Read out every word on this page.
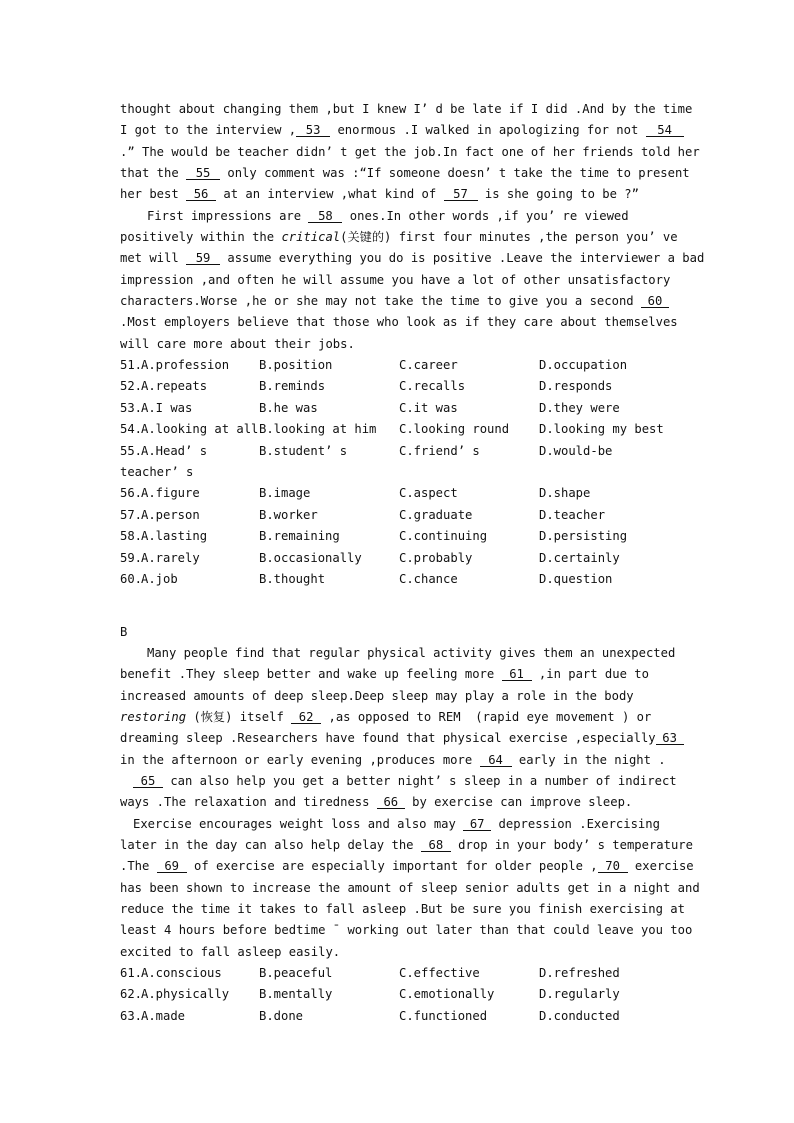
thought about changing them ,but I knew I’ d be late if I did .And by the time
I got to the interview , 53 enormous .I walked in apologizing for not 54
.” The would be teacher didn’ t get the job.In fact one of her friends told her
that the 55 only comment was :“If someone doesn’ t take the time to present
her best 56 at an interview ,what kind of 57 is she going to be ?”
First impressions are 58 ones.In other words ,if you’ re viewed
positively within the critical(关键的) first four minutes ,the person you’ ve
met will 59 assume everything you do is positive .Leave the interviewer a bad
impression ,and often he will assume you have a lot of other unsatisfactory
characters.Worse ,he or she may not take the time to give you a second 60
.Most employers believe that those who look as if they care about themselves
will care more about their jobs.
51.
A.profession B.position	C.career	D.occupation
52.
A.repeats	B.reminds	C.recalls	D.responds
53.
A.I was	B.he was	C.it was	D.they were
54.
A.looking at all B.looking at him C.looking round D.looking my best
55.
A.Head’ s	B.student’ s	C.friend’ s	D.would-be
teacher’ s
56.
A.figure	B.image	C.aspect	D.shape
57.
A.person	B.worker	C.graduate	D.teacher
58.
A.lasting	B.remaining	C.continuing	D.persisting
59.
A.rarely	B.occasionally	C.probably	D.certainly
60.
A.job	B.thought	C.chance	D.question
B
Many people find that regular physical activity gives them an unexpected
benefit .They sleep better and wake up feeling more 61 ,in part due to
increased amounts of deep sleep.Deep sleep may play a role in the body
restoring (恢复) itself 62 ,as opposed to REM  (rapid eye movement ) or
dreaming sleep .Researchers have found that physical exercise ,especially 63
in the afternoon or early evening ,produces more 64 early in the night .
65 can also help you get a better night’ s sleep in a number of indirect
ways .The relaxation and tiredness 66 by exercise can improve sleep.
Exercise encourages weight loss and also may 67 depression .Exercising
later in the day can also help delay the 68 drop in your body’ s temperature
.The 69 of exercise are especially important for older people , 70 exercise
has been shown to increase the amount of sleep senior adults get in a night and
reduce the time it takes to fall asleep .But be sure you finish exercising at
least 4 hours before bedtime ¯ working out later than that could leave you too
excited to fall asleep easily.
61.
A.conscious	B.peaceful	C.effective	D.refreshed
62.
A.physically B.mentally	C.emotionally	D.regularly
63.
A.made	B.done	C.functioned	D.conducted
